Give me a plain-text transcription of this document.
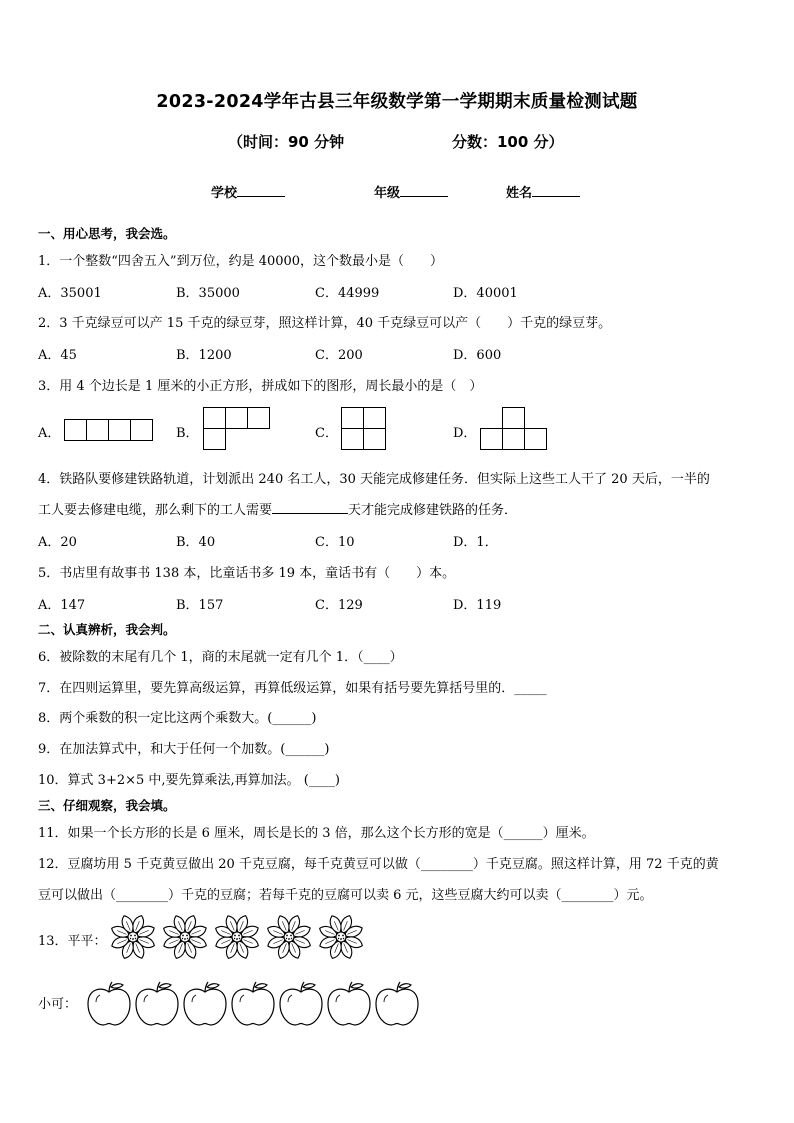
2023-2024学年古县三年级数学第一学期期末质量检测试题
（时间：90 分钟	分数：100 分）
学校	年级	姓名
一、用心思考，我会选。
1．一个整数“四舍五入”到万位，约是 40000，这个数最小是（　　）
A．35001	B．35000	C．44999	D．40001
2．3 千克绿豆可以产 15 千克的绿豆芽，照这样计算，40 千克绿豆可以产（　　）千克的绿豆芽。
A．45	B．1200	C．200	D．600
3．用 4 个边长是 1 厘米的小正方形，拼成如下的图形，周长最小的是（　）
A．	B．	C．	D．
4．铁路队要修建铁路轨道，计划派出 240 名工人，30 天能完成修建任务．但实际上这些工人干了 20 天后，一半的
工人要去修建电缆，那么剩下的工人需要	天才能完成修建铁路的任务．
A．20	B．40	C．10	D．1．
5．书店里有故事书 138 本，比童话书多 19 本，童话书有（　　）本。
A．147	B．157	C．129	D．119
二、认真辨析，我会判。
6．被除数的末尾有几个 1，商的末尾就一定有几个 1．（____）
7．在四则运算里，要先算高级运算，再算低级运算，如果有括号要先算括号里的．_____
8．两个乘数的积一定比这两个乘数大。(______)
9．在加法算式中，和大于任何一个加数。(______)
10．算式 3+2×5 中,要先算乘法,再算加法。 (____)
三、仔细观察，我会填。
11．如果一个长方形的长是 6 厘米，周长是长的 3 倍，那么这个长方形的宽是（______）厘米。
12．豆腐坊用 5 千克黄豆做出 20 千克豆腐，每千克黄豆可以做（________）千克豆腐。照这样计算，用 72 千克的黄
豆可以做出（________）千克的豆腐；若每千克的豆腐可以卖 6 元，这些豆腐大约可以卖（________）元。
13．平平：
小可：
